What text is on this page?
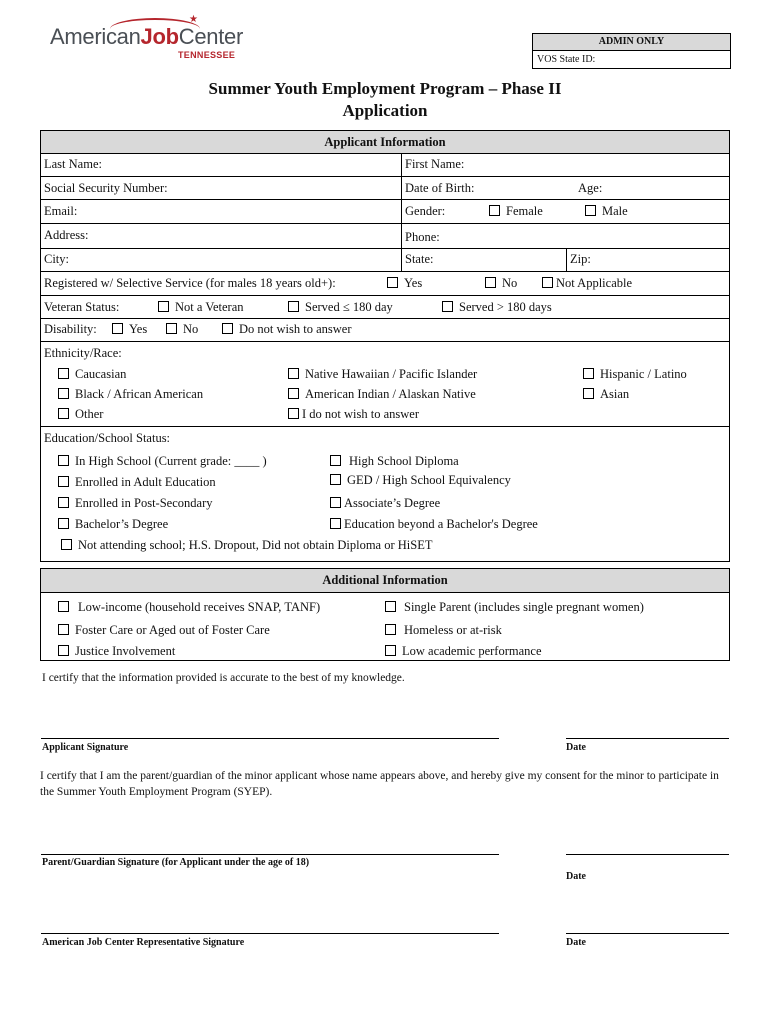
★
AmericanJobCenter
TENNESSEE
ADMIN ONLY
VOS State ID:
Summer Youth Employment Program – Phase II
Application
Applicant Information
Last Name:	First Name:
Social Security Number:	Date of Birth:	Age:
Email:	Gender:	Female	Male
Address:	Phone:
City:	State:	Zip:
Registered w/ Selective Service (for males 18 years old+):	Yes	No	Not Applicable
Veteran Status:	Not a Veteran	Served ≤ 180 day	Served > 180 days
Disability:	Yes	No	Do not wish to answer
Ethnicity/Race:
Caucasian	Native Hawaiian / Pacific Islander	Hispanic / Latino
Black / African American	American Indian / Alaskan Native	Asian
Other	I do not wish to answer
Education/School Status:
In High School (Current grade: ____ )	High School Diploma
Enrolled in Adult Education	GED / High School Equivalency
Enrolled in Post-Secondary	Associate’s Degree
Bachelor’s Degree	Education beyond a Bachelor's Degree
Not attending school; H.S. Dropout, Did not obtain Diploma or HiSET
Additional Information
Low-income (household receives SNAP, TANF)	Single Parent (includes single pregnant women)
Foster Care or Aged out of Foster Care	Homeless or at-risk
Justice Involvement	Low academic performance
I certify that the information provided is accurate to the best of my knowledge.
Applicant Signature	Date
I certify that I am the parent/guardian of the minor applicant whose name appears above, and hereby give my consent for the minor to participate in the Summer Youth Employment Program (SYEP).
Parent/Guardian Signature (for Applicant under the age of 18)
Date
American Job Center Representative Signature	Date
